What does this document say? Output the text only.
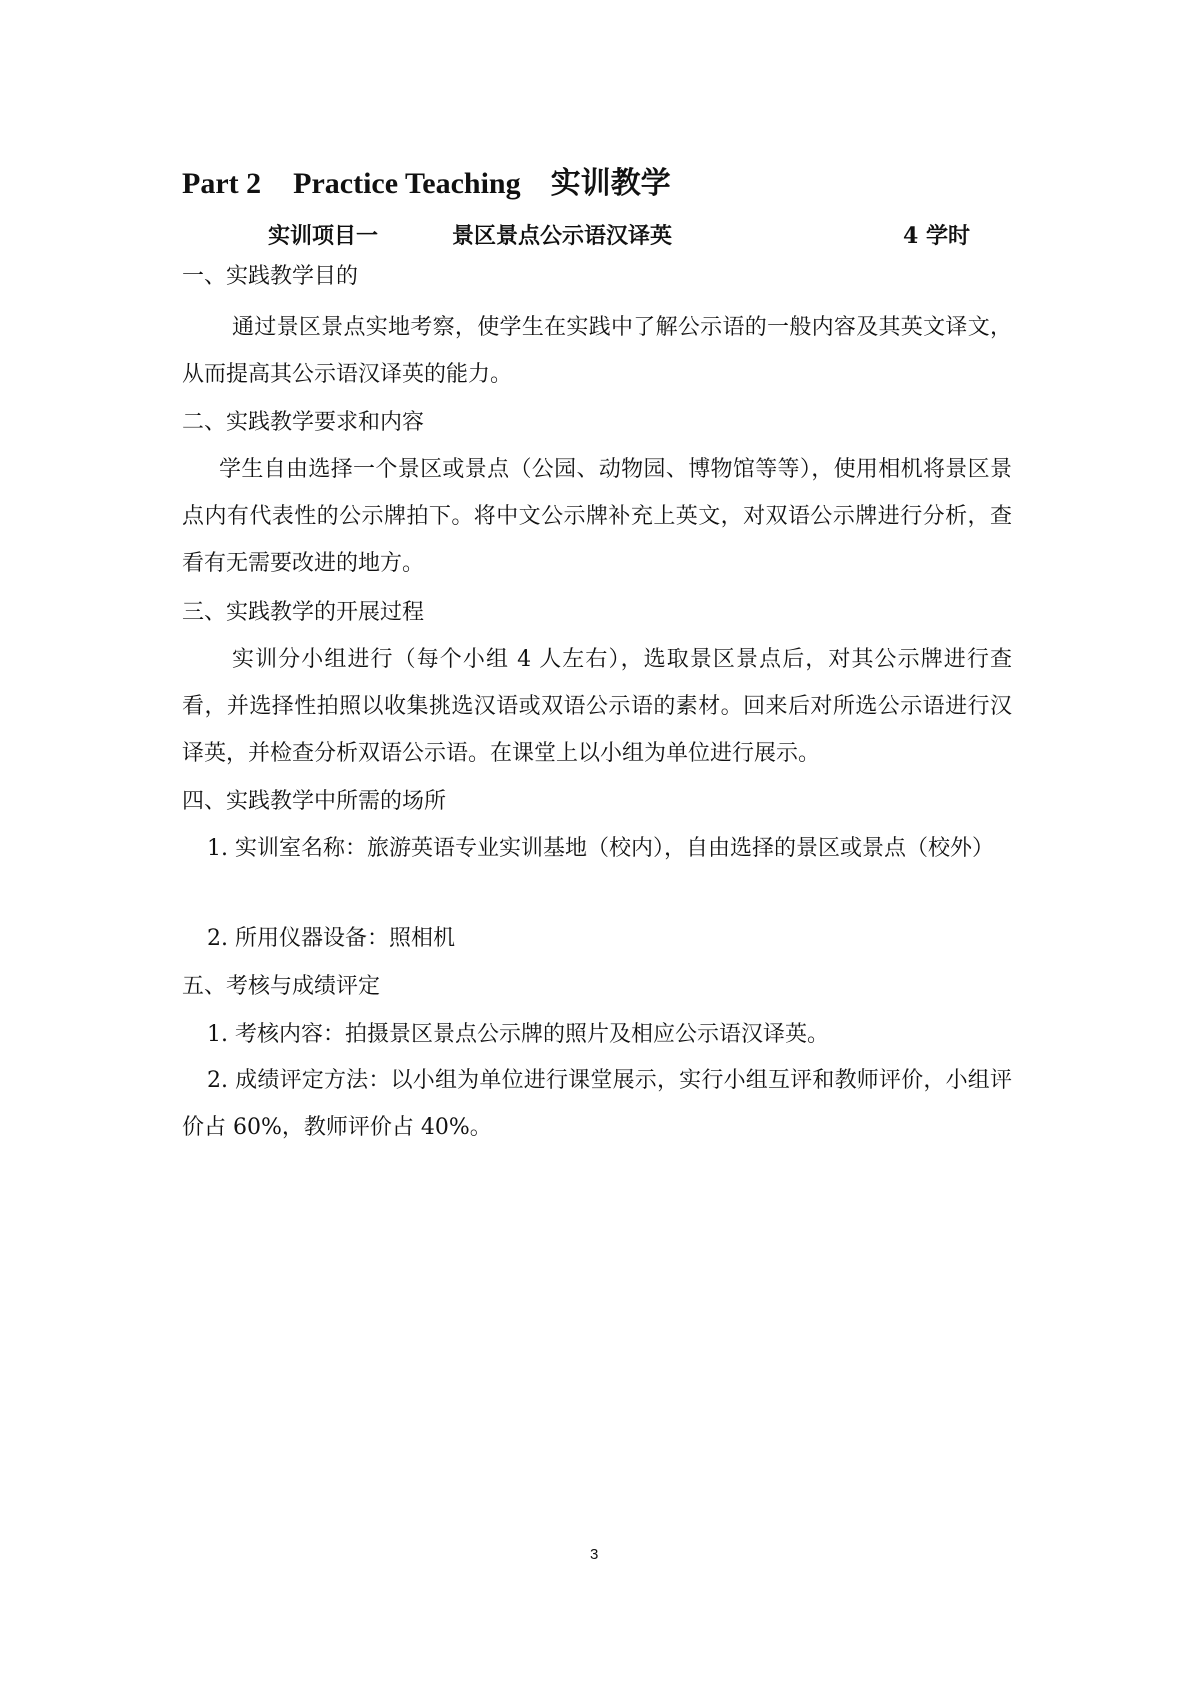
Part 2 Practice Teaching 实训教学
实训项目一	景区景点公示语汉译英	4 学时
一、实践教学目的
通过景区景点实地考察，使学生在实践中了解公示语的一般内容及其英文译文，从而提高其公示语汉译英的能力。
二、实践教学要求和内容
学生自由选择一个景区或景点（公园、动物园、博物馆等等），使用相机将景区景点内有代表性的公示牌拍下。将中文公示牌补充上英文，对双语公示牌进行分析，查看有无需要改进的地方。
三、实践教学的开展过程
实训分小组进行（每个小组 4 人左右），选取景区景点后，对其公示牌进行查看，并选择性拍照以收集挑选汉语或双语公示语的素材。回来后对所选公示语进行汉译英，并检查分析双语公示语。在课堂上以小组为单位进行展示。
四、实践教学中所需的场所
1. 实训室名称：旅游英语专业实训基地（校内），自由选择的景区或景点（校外）
2. 所用仪器设备：照相机
五、考核与成绩评定
1. 考核内容：拍摄景区景点公示牌的照片及相应公示语汉译英。
2. 成绩评定方法：以小组为单位进行课堂展示，实行小组互评和教师评价，小组评价占 60%，教师评价占 40%。
3
